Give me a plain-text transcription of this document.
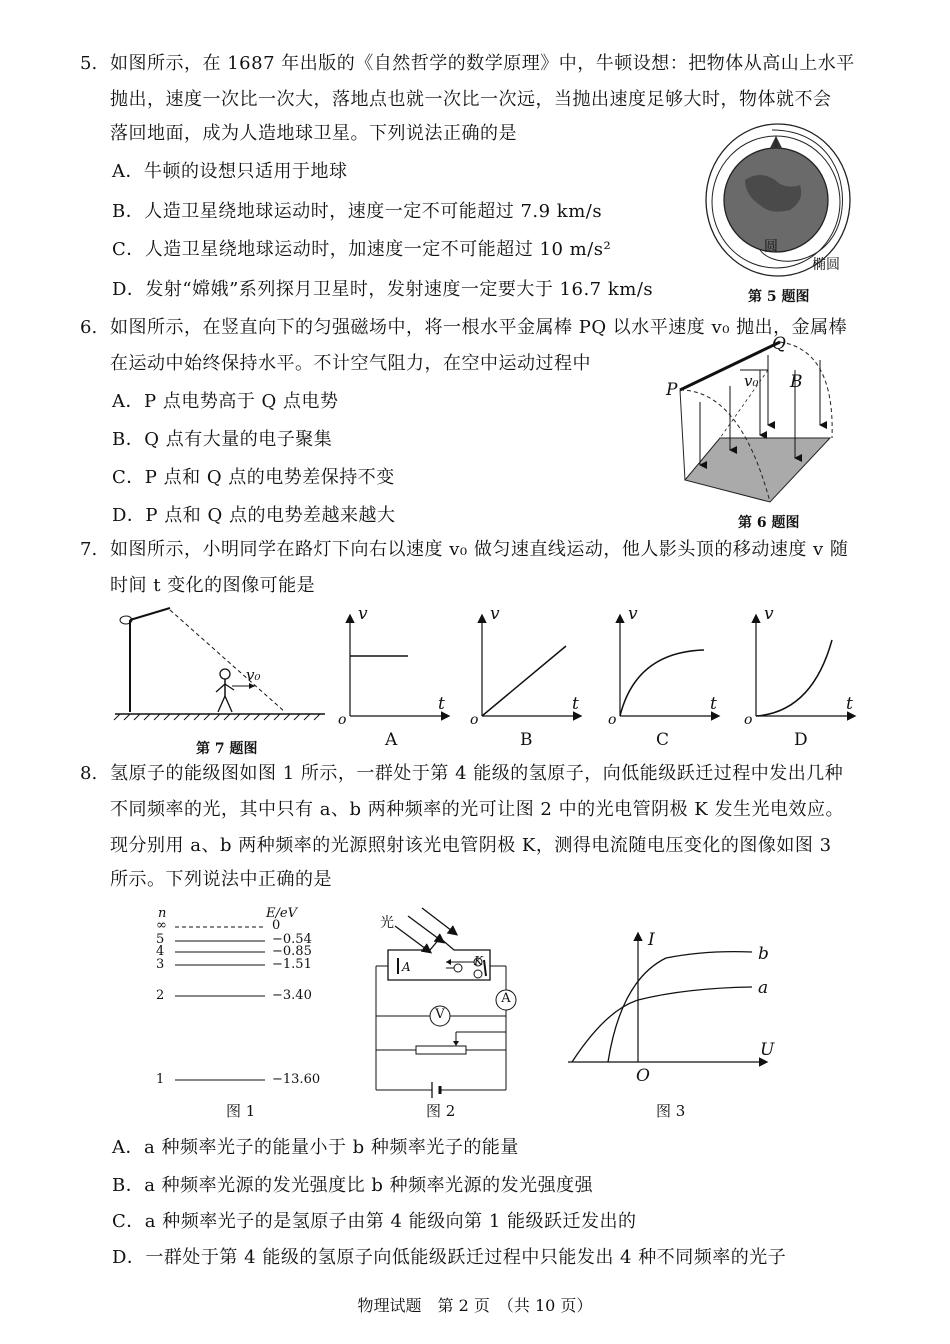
5. 如图所示，在 1687 年出版的《自然哲学的数学原理》中，牛顿设想：把物体从高山上水平
抛出，速度一次比一次大，落地点也就一次比一次远，当抛出速度足够大时，物体就不会
落回地面，成为人造地球卫星。下列说法正确的是
A．牛顿的设想只适用于地球
B．人造卫星绕地球运动时，速度一定不可能超过 7.9 km/s
C．人造卫星绕地球运动时，加速度一定不可能超过 10 m/s²
D．发射“嫦娥”系列探月卫星时，发射速度一定要大于 16.7 km/s
圆
椭圆
第 5 题图
6. 如图所示，在竖直向下的匀强磁场中，将一根水平金属棒 PQ 以水平速度 v₀ 抛出，金属棒
在运动中始终保持水平。不计空气阻力，在空中运动过程中
A．P 点电势高于 Q 点电势
B．Q 点有大量的电子聚集
C．P 点和 Q 点的电势差保持不变
D．P 点和 Q 点的电势差越来越大
P
Q
v₀ B
第 6 题图
7. 如图所示，小明同学在路灯下向右以速度 v₀ 做匀速直线运动，他人影头顶的移动速度 v 随
时间 t 变化的图像可能是
v₀
第 7 题图
v
t
o
A
v
t
o
B
v
t
o
C
v
t
o
D
8. 氢原子的能级图如图 1 所示，一群处于第 4 能级的氢原子，向低能级跃迁过程中发出几种
不同频率的光，其中只有 a、b 两种频率的光可让图 2 中的光电管阴极 K 发生光电效应。
现分别用 a、b 两种频率的光源照射该光电管阴极 K，测得电流随电压变化的图像如图 3
所示。下列说法中正确的是
n	E/eV
∞
5
4
3
2
1
0
−0.54
−0.85
−1.51
−3.40
−13.60
图 1
光
A	K
V
A
图 2
I
U
O
b
a
图 3
A．a 种频率光子的能量小于 b 种频率光子的能量
B．a 种频率光源的发光强度比 b 种频率光源的发光强度强
C．a 种频率光子的是氢原子由第 4 能级向第 1 能级跃迁发出的
D．一群处于第 4 能级的氢原子向低能级跃迁过程中只能发出 4 种不同频率的光子
物理试题　第 2 页　（共 10 页）
